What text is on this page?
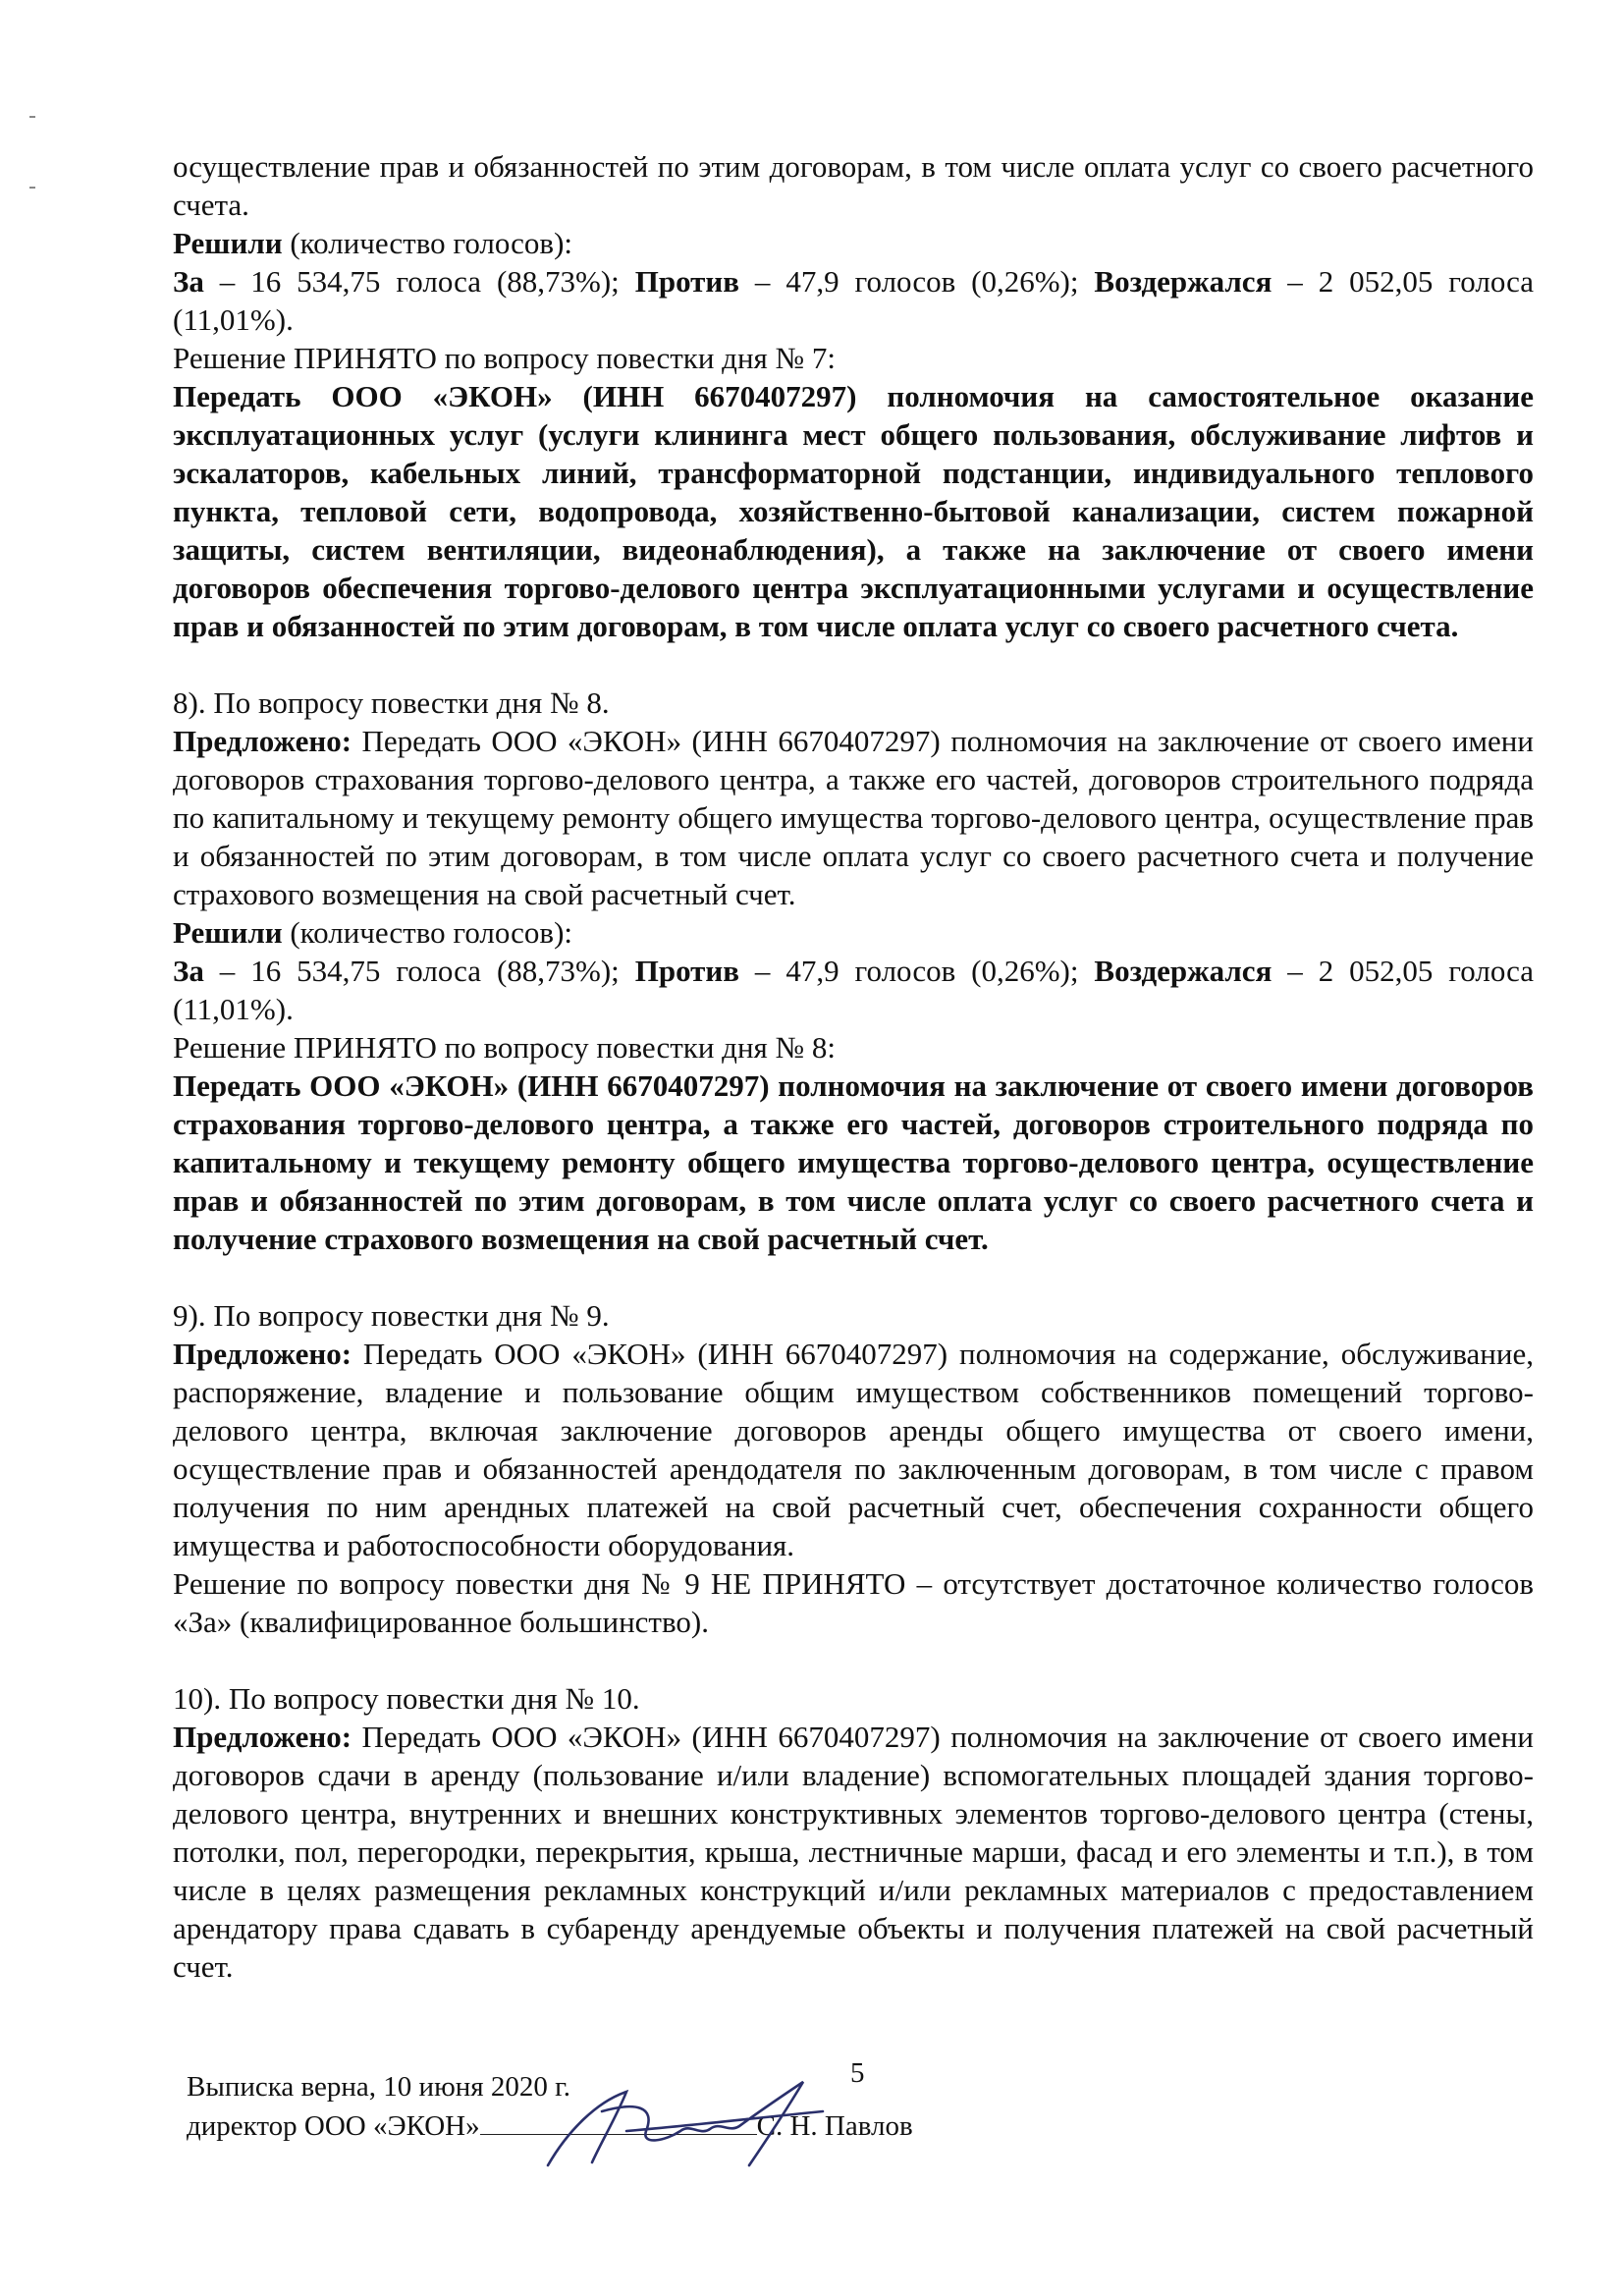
осуществление прав и обязанностей по этим договорам, в том числе оплата услуг со своего расчетного счета.

Решили (количество голосов):

За – 16 534,75 голоса (88,73%); Против – 47,9 голосов (0,26%); Воздержался – 2 052,05 голоса (11,01%).

Решение ПРИНЯТО по вопросу повестки дня № 7:

Передать ООО «ЭКОН» (ИНН 6670407297) полномочия на самостоятельное оказание эксплуатационных услуг (услуги клининга мест общего пользования, обслуживание лифтов и эскалаторов, кабельных линий, трансформаторной подстанции, индивидуального теплового пункта, тепловой сети, водопровода, хозяйственно-бытовой канализации, систем пожарной защиты, систем вентиляции, видеонаблюдения), а также на заключение от своего имени договоров обеспечения торгово-делового центра эксплуатационными услугами и осуществление прав и обязанностей по этим договорам, в том числе оплата услуг со своего расчетного счета.

8). По вопросу повестки дня № 8.

Предложено: Передать ООО «ЭКОН» (ИНН 6670407297) полномочия на заключение от своего имени договоров страхования торгово-делового центра, а также его частей, договоров строительного подряда по капитальному и текущему ремонту общего имущества торгово-делового центра, осуществление прав и обязанностей по этим договорам, в том числе оплата услуг со своего расчетного счета и получение страхового возмещения на свой расчетный счет.

Решили (количество голосов):

За – 16 534,75 голоса (88,73%); Против – 47,9 голосов (0,26%); Воздержался – 2 052,05 голоса (11,01%).

Решение ПРИНЯТО по вопросу повестки дня № 8:

Передать ООО «ЭКОН» (ИНН 6670407297) полномочия на заключение от своего имени договоров страхования торгово-делового центра, а также его частей, договоров строительного подряда по капитальному и текущему ремонту общего имущества торгово-делового центра, осуществление прав и обязанностей по этим договорам, в том числе оплата услуг со своего расчетного счета и получение страхового возмещения на свой расчетный счет.

9). По вопросу повестки дня № 9.

Предложено: Передать ООО «ЭКОН» (ИНН 6670407297) полномочия на содержание, обслуживание, распоряжение, владение и пользование общим имуществом собственников помещений торгово-делового центра, включая заключение договоров аренды общего имущества от своего имени, осуществление прав и обязанностей арендодателя по заключенным договорам, в том числе с правом получения по ним арендных платежей на свой расчетный счет, обеспечения сохранности общего имущества и работоспособности оборудования.

Решение по вопросу повестки дня № 9 НЕ ПРИНЯТО – отсутствует достаточное количество голосов «За» (квалифицированное большинство).

10). По вопросу повестки дня № 10.

Предложено: Передать ООО «ЭКОН» (ИНН 6670407297) полномочия на заключение от своего имени договоров сдачи в аренду (пользование и/или владение) вспомогательных площадей здания торгово-делового центра, внутренних и внешних конструктивных элементов торгово-делового центра (стены, потолки, пол, перегородки, перекрытия, крыша, лестничные марши, фасад и его элементы и т.п.), в том числе в целях размещения рекламных конструкций и/или рекламных материалов с предоставлением арендатору права сдавать в субаренду арендуемые объекты и получения платежей на свой расчетный счет.

5

Выписка верна, 10 июня 2020 г.

директор ООО «ЭКОН»	С. Н. Павлов
